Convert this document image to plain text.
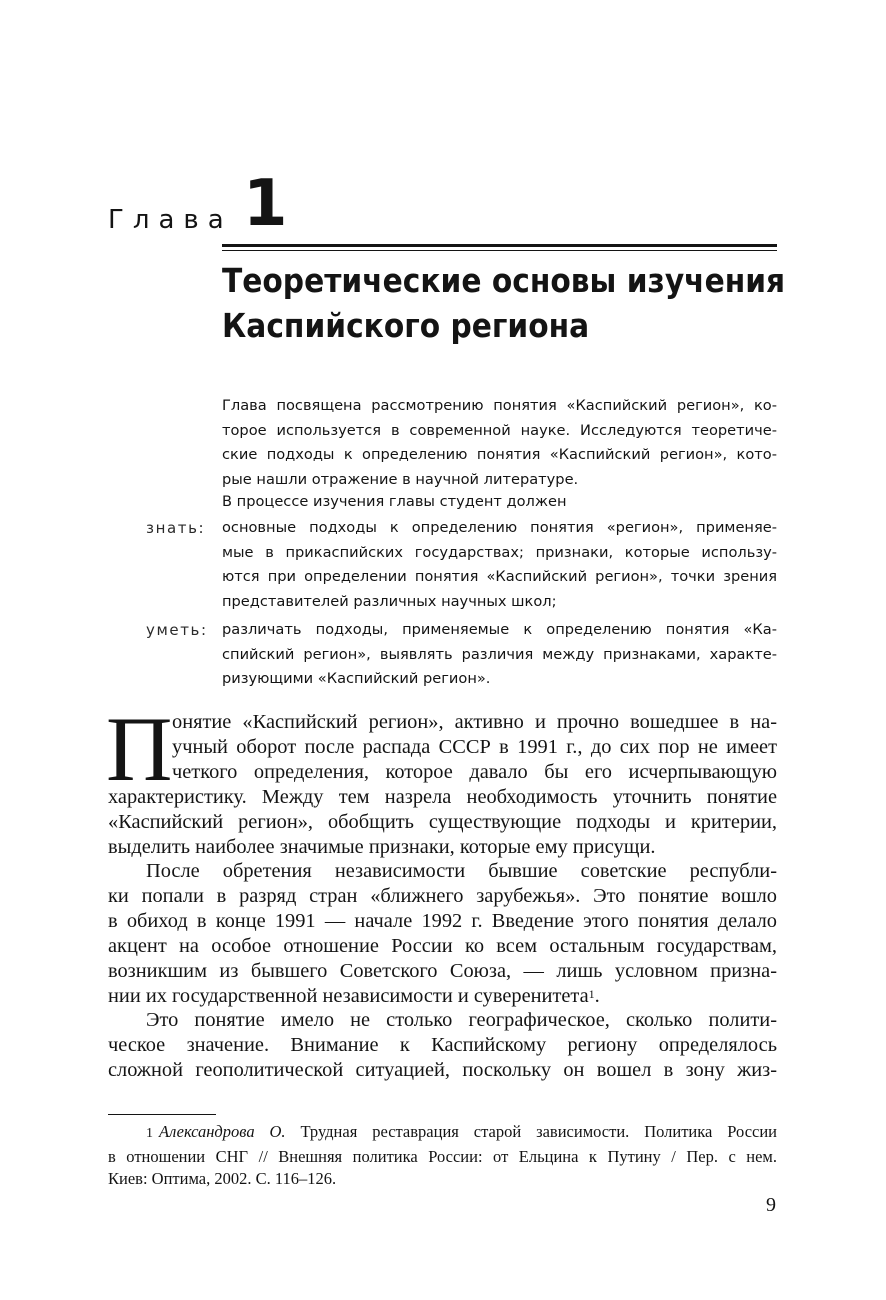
Глава 1
Теоретические основы изучения
Каспийского региона

Глава посвящена рассмотрению понятия «Каспийский регион», ко-
торое используется в современной науке. Исследуются теоретиче-
ские подходы к определению понятия «Каспийский регион», кото-
рые нашли отражение в научной литературе.

В процессе изучения главы студент должен
знать: основные подходы к определению понятия «регион», применяе-
мые в прикаспийских государствах; признаки, которые использу-
ются при определении понятия «Каспийский регион», точки зрения
представителей различных научных школ;

уметь: различать подходы, применяемые к определению понятия «Ка-
спийский регион», выявлять различия между признаками, характе-
ризующими «Каспийский регион».

П онятие «Каспийский регион», активно и прочно вошедшее в на-
учный оборот после распада СССР в 1991 г., до сих пор не имеет
четкого определения, которое давало бы его исчерпывающую
характеристику. Между тем назрела необходимость уточнить понятие
«Каспийский регион», обобщить существующие подходы и критерии,
выделить наиболее значимые признаки, которые ему присущи.

После обретения независимости бывшие советские республи-
ки попали в разряд стран «ближнего зарубежья». Это понятие вошло
в обиход в конце 1991 — начале 1992 г. Введение этого понятия делало
акцент на особое отношение России ко всем остальным государствам,
возникшим из бывшего Советского Союза, — лишь условном призна-
нии их государственной независимости и суверенитета$^1$.

Это понятие имело не столько географическое, сколько полити-
ческое значение. Внимание к Каспийскому региону определялось
сложной геополитической ситуацией, поскольку он вошел в зону жиз-

1 Александрова О. Трудная реставрация старой зависимости. Политика России
в отношении СНГ // Внешняя политика России: от Ельцина к Путину / Пер. с нем.
Киев: Оптима, 2002. С. 116–126.

9
